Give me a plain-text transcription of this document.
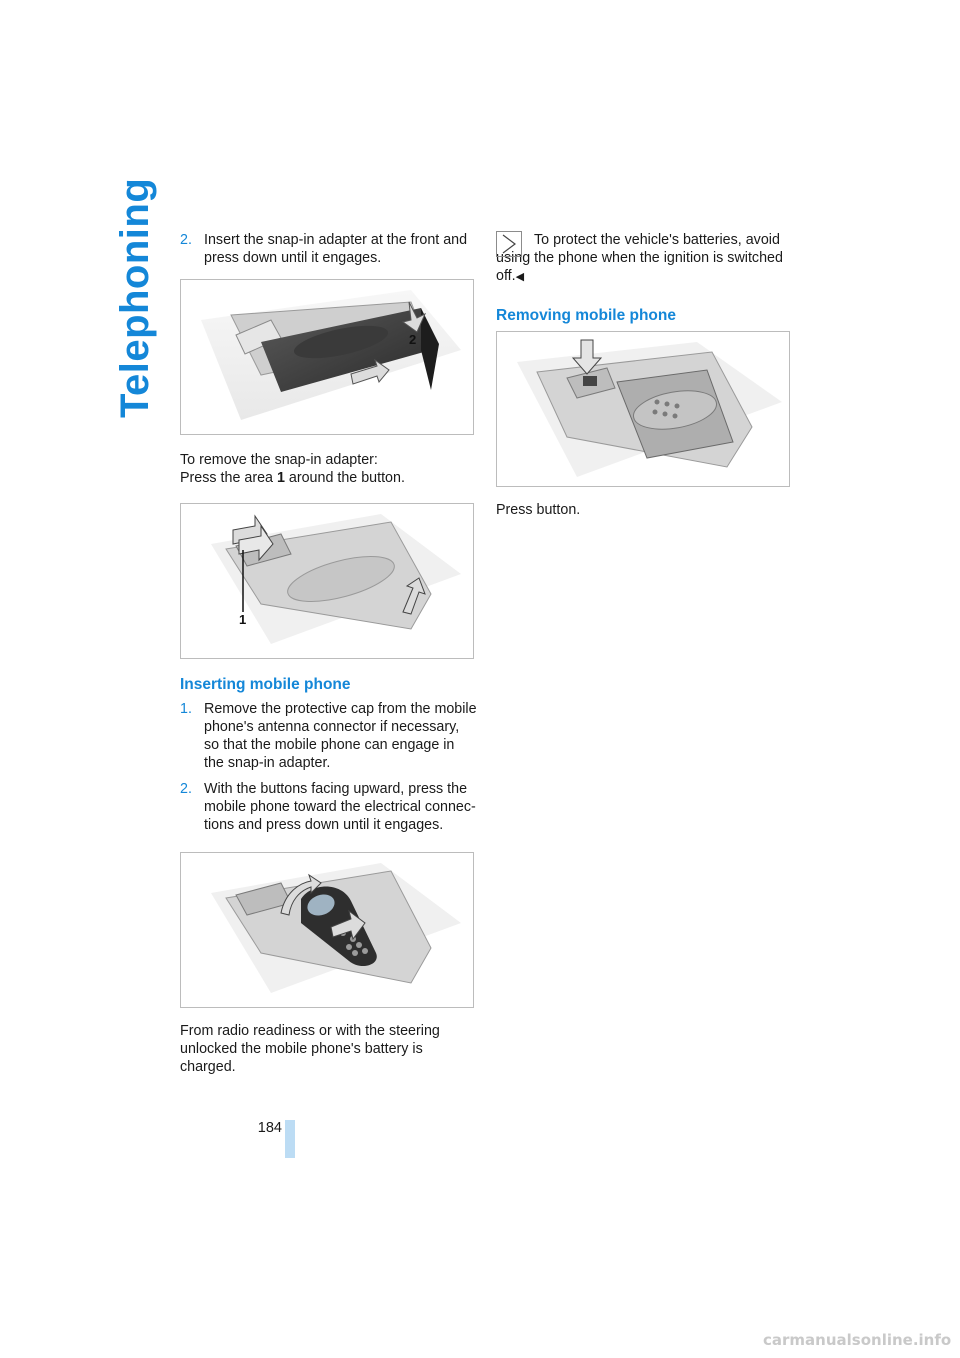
Telephoning 2. Insert the snap-in adapter at the front and press down until it engages.

2

To remove the snap-in adapter:

Press the area 1 around the button.

1
Inserting mobile phone
1. Remove the protective cap from the mobile phone's antenna connector if necessary, so that the mobile phone can engage in the snap-in adapter.

2. With the buttons facing upward, press the mobile phone toward the electrical connec-tions and press down until it engages.

From radio readiness or with the steering unlocked the mobile phone's battery is charged.

To protect the vehicle's batteries, avoid using the phone when the ignition is switched off.◀

Removing mobile phone

Press button.

184
carmanualsonline.info
